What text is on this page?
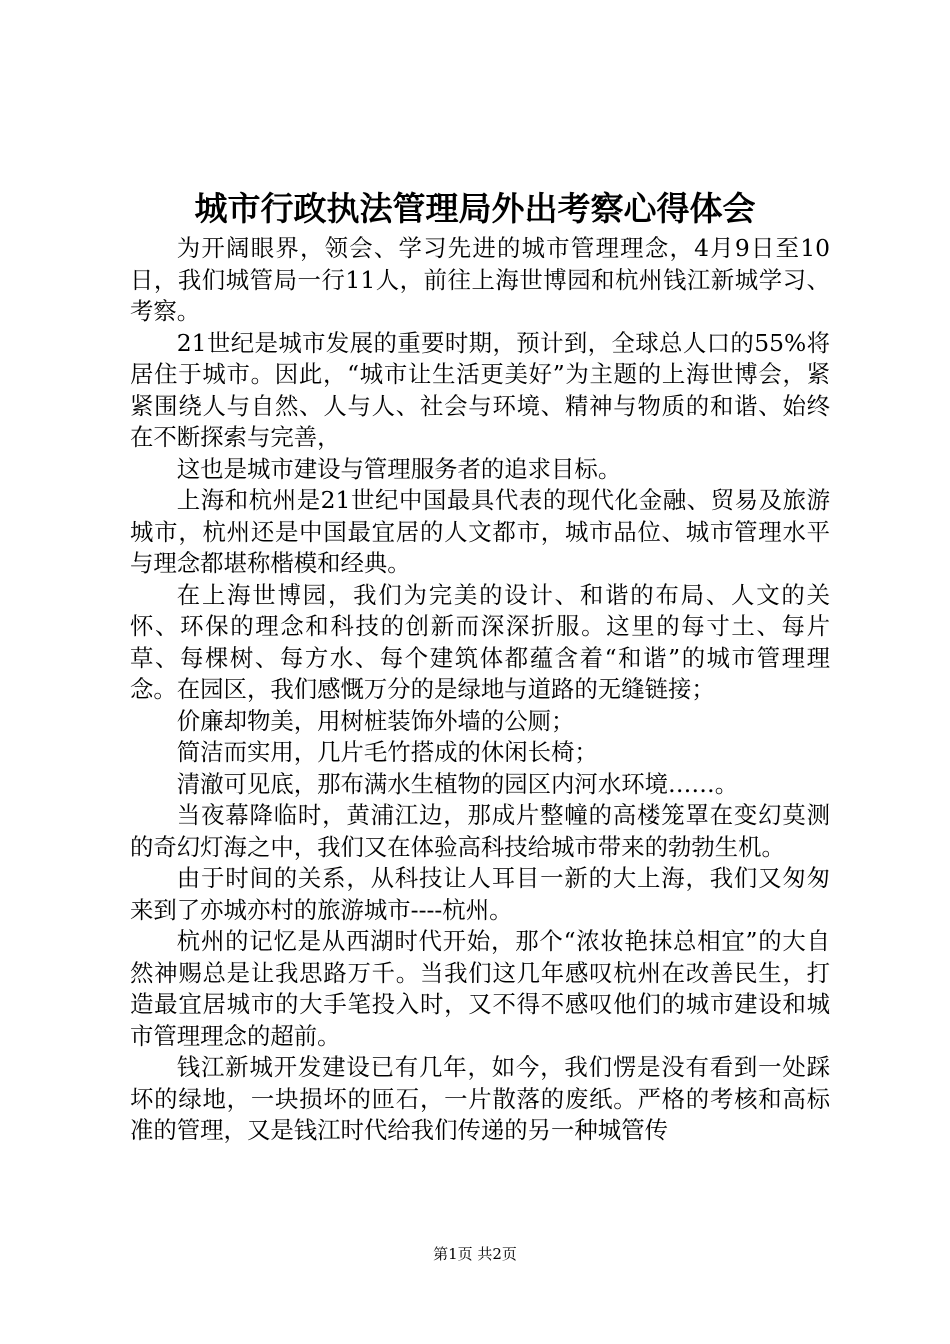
城市行政执法管理局外出考察心得体会

为开阔眼界，领会、学习先进的城市管理理念，4月9日至10日，我们城管局一行11人，前往上海世博园和杭州钱江新城学习、考察。

21世纪是城市发展的重要时期，预计到，全球总人口的55%将居住于城市。因此，“城市让生活更美好”为主题的上海世博会，紧紧围绕人与自然、人与人、社会与环境、精神与物质的和谐、始终在不断探索与完善，

这也是城市建设与管理服务者的追求目标。

上海和杭州是21世纪中国最具代表的现代化金融、贸易及旅游城市，杭州还是中国最宜居的人文都市，城市品位、城市管理水平与理念都堪称楷模和经典。

在上海世博园，我们为完美的设计、和谐的布局、人文的关怀、环保的理念和科技的创新而深深折服。这里的每寸土、每片草、每棵树、每方水、每个建筑体都蕴含着“和谐”的城市管理理念。在园区，我们感慨万分的是绿地与道路的无缝链接；

价廉却物美，用树桩装饰外墙的公厕；

简洁而实用，几片毛竹搭成的休闲长椅；

清澈可见底，那布满水生植物的园区内河水环境……。

当夜幕降临时，黄浦江边，那成片整幢的高楼笼罩在变幻莫测的奇幻灯海之中，我们又在体验高科技给城市带来的勃勃生机。

由于时间的关系，从科技让人耳目一新的大上海，我们又匆匆来到了亦城亦村的旅游城市----杭州。

杭州的记忆是从西湖时代开始，那个“浓妆艳抹总相宜”的大自然神赐总是让我思路万千。当我们这几年感叹杭州在改善民生，打造最宜居城市的大手笔投入时，又不得不感叹他们的城市建设和城市管理理念的超前。

钱江新城开发建设已有几年，如今，我们愣是没有看到一处踩坏的绿地，一块损坏的匝石，一片散落的废纸。严格的考核和高标准的管理，又是钱江时代给我们传递的另一种城管传

第1页 共2页
